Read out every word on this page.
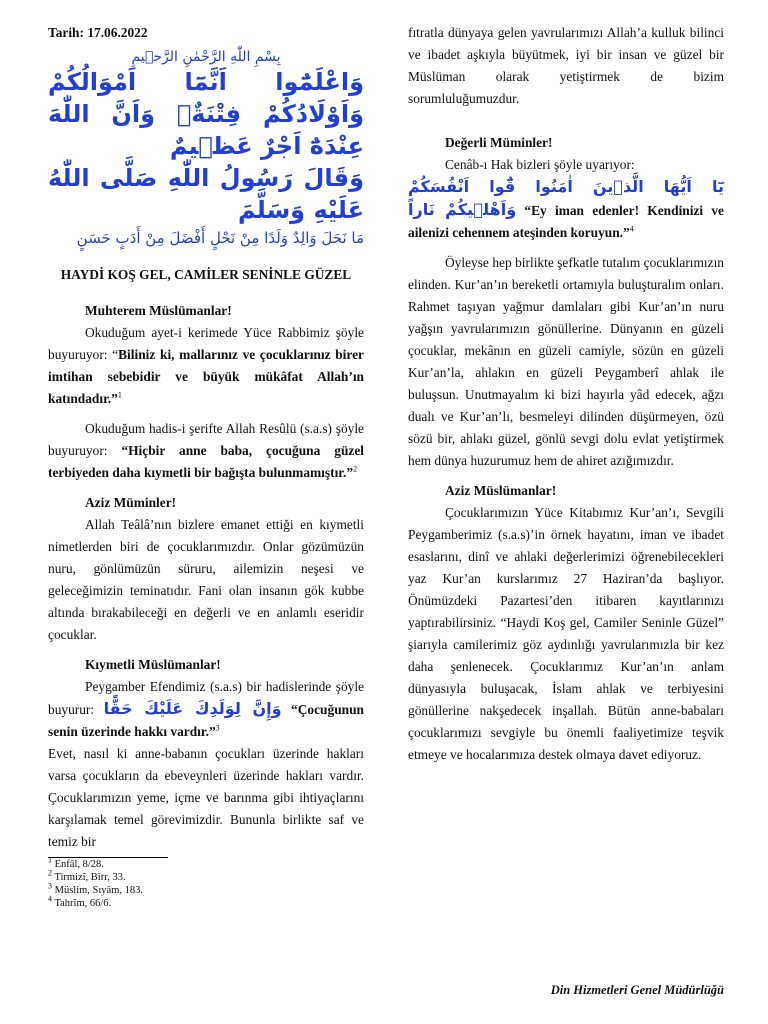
Tarih: 17.06.2022
بِسْمِ اللّٰهِ الرَّحْمٰنِ الرَّح۪يمِ
وَاعْلَمُٓوا اَنَّمَٓا اَمْوَالُكُمْ وَاَوْلَادُكُمْ فِتْنَةٌۙ وَاَنَّ اللّٰهَ عِنْدَهُٓ اَجْرٌ عَظ۪يمٌ
وَقَالَ رَسُولُ اللّٰهِ صَلَّى اللّٰهُ عَلَيْهِ وَسَلَّمَ
مَا نَحَلَ وَالِدٌ وَلَدًا مِنْ نَحْلٍ أَفْضَلَ مِنْ أَدَبٍ حَسَنٍ
HAYDİ KOŞ GEL, CAMİLER SENİNLE GÜZEL

Muhterem Müslümanlar!

Okuduğum ayet-i kerimede Yüce Rabbimiz şöyle buyuruyor: “Biliniz ki, mallarınız ve çocuklarınız birer imtihan sebebidir ve büyük mükâfat Allah’ın katındadır.”$^1$

Okuduğum hadis-i şerifte Allah Resûlü (s.a.s) şöyle buyuruyor: “Hiçbir anne baba, çocuğuna güzel terbiyeden daha kıymetli bir bağışta bulunmamıştır.”$^2$

Aziz Müminler!

Allah Teâlâ’nın bizlere emanet ettiği en kıymetli nimetlerden biri de çocuklarımızdır. Onlar gözümüzün nuru, gönlümüzün süruru, ailemizin neşesi ve geleceğimizin teminatıdır. Fani olan insanın gök kubbe altında bırakabileceği en değerli ve en anlamlı eseridir çocuklar.

Kıymetli Müslümanlar!

Peygamber Efendimiz (s.a.s) bir hadislerinde şöyle buyurur: وَإِنَّ لِوَلَدِكَ عَلَيْكَ حَقًّا “Çocuğunun senin üzerinde hakkı vardır.”$^3$

Evet, nasıl ki anne-babanın çocukları üzerinde hakları varsa çocukların da ebeveynleri üzerinde hakları vardır. Çocuklarımızın yeme, içme ve barınma gibi ihtiyaçlarını karşılamak temel görevimizdir. Bununla birlikte saf ve temiz bir

$^1$ Enfâl, 8/28.
$^2$ Tirmizî, Birr, 33.
$^3$ Müslim, Sıyâm, 183.
$^4$ Tahrîm, 66/6.

fıtratla dünyaya gelen yavrularımızı Allah’a kulluk bilinci ve ibadet aşkıyla büyütmek, iyi bir insan ve güzel bir Müslüman olarak yetiştirmek de bizim sorumluluğumuzdur.

Değerli Müminler!

Cenâb-ı Hak bizleri şöyle uyarıyor:

يَٓا اَيُّهَا الَّذ۪ينَ اٰمَنُوا قُٓوا اَنْفُسَكُمْ وَاَهْل۪يكُمْ نَاراً “Ey iman edenler! Kendinizi ve ailenizi cehennem ateşinden koruyun.”$^4$

Öyleyse hep birlikte şefkatle tutalım çocuklarımızın elinden. Kur’an’ın bereketli ortamıyla buluşturalım onları. Rahmet taşıyan yağmur damlaları gibi Kur’an’ın nuru yağşın yavrularımızın gönüllerine. Dünyanın en güzeli çocuklar, mekânın en güzeli camiyle, sözün en güzeli Kur’an’la, ahlakın en güzeli Peygamberî ahlak ile buluşsun. Unutmayalım ki bizi hayırla yâd edecek, ağzı dualı ve Kur’an’lı, besmeleyi dilinden düşürmeyen, özü sözü bir, ahlakı güzel, gönlü sevgi dolu evlat yetiştirmek hem dünya huzurumuz hem de ahiret azığımızdır.

Aziz Müslümanlar!

Çocuklarımızın Yüce Kitabımız Kur’an’ı, Sevgili Peygamberimiz (s.a.s)’in örnek hayatını, iman ve ibadet esaslarını, dinî ve ahlaki değerlerimizi öğrenebilecekleri yaz Kur’an kurslarımız 27 Haziran’da başlıyor. Önümüzdeki Pazartesi’den itibaren kayıtlarınızı yaptırabilirsiniz. “Haydi Koş gel, Camiler Seninle Güzel” şiarıyla camilerimiz göz aydınlığı yavrularımızla bir kez daha şenlenecek. Çocuklarımız Kur’an’ın anlam dünyasıyla buluşacak, İslam ahlak ve terbiyesini gönüllerine nakşedecek inşallah. Bütün anne-babaları çocuklarımızı sevgiyle bu önemli faaliyetimize teşvik etmeye ve hocalarımıza destek olmaya davet ediyoruz.

Din Hizmetleri Genel Müdürlüğü
